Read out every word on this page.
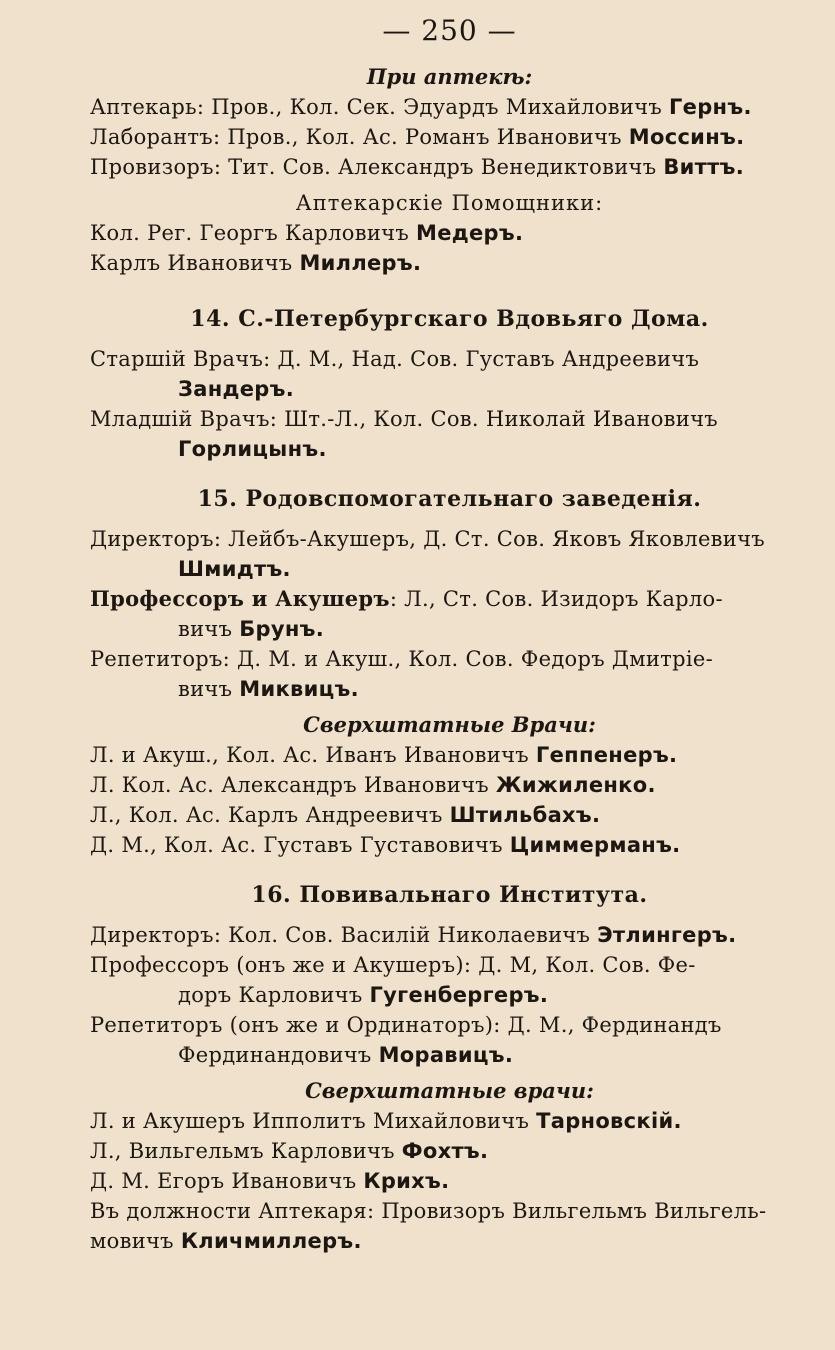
— 250 —
При аптекѣ:
Аптекарь: Пров., Кол. Сек. Эдуардъ Михайловичъ Гернъ.
Лаборантъ: Пров., Кол. Ас. Романъ Ивановичъ Моссинъ.
Провизоръ: Тит. Сов. Александръ Венедиктовичъ Виттъ.
Аптекарскіе Помощники:
Кол. Рег. Георгъ Карловичъ Медеръ.
Карлъ Ивановичъ Миллеръ.
14. С.-Петербургскаго Вдовьяго Дома.
Старшій Врачъ: Д. М., Над. Сов. Густавъ Андреевичъ
Зандеръ.
Младшій Врачъ: Шт.-Л., Кол. Сов. Николай Ивановичъ
Горлицынъ.
15. Родовспомогательнаго заведенія.
Директоръ: Лейбъ-Акушеръ, Д. Ст. Сов. Яковъ Яковлевичъ
Шмидтъ.
Профессоръ и Акушеръ: Л., Ст. Сов. Изидоръ Карло-
вичъ Брунъ.
Репетиторъ: Д. М. и Акуш., Кол. Сов. Федоръ Дмитріе-
вичъ Миквицъ.
Сверхштатные Врачи:
Л. и Акуш., Кол. Ас. Иванъ Ивановичъ Геппенеръ.
Л. Кол. Ас. Александръ Ивановичъ Жижиленко.
Л., Кол. Ас. Карлъ Андреевичъ Штильбахъ.
Д. М., Кол. Ас. Густавъ Густавовичъ Циммерманъ.
16. Повивальнаго Института.
Директоръ: Кол. Сов. Василій Николаевичъ Этлингеръ.
Профессоръ (онъ же и Акушеръ): Д. М, Кол. Сов. Фе-
доръ Карловичъ Гугенбергеръ.
Репетиторъ (онъ же и Ординаторъ): Д. М., Фердинандъ
Фердинандовичъ Моравицъ.
Сверхштатные врачи:
Л. и Акушеръ Ипполитъ Михайловичъ Тарновскій.
Л., Вильгельмъ Карловичъ Фохтъ.
Д. М. Егоръ Ивановичъ Крихъ.
Въ должности Аптекаря: Провизоръ Вильгельмъ Вильгель-
мовичъ Кличмиллеръ.
